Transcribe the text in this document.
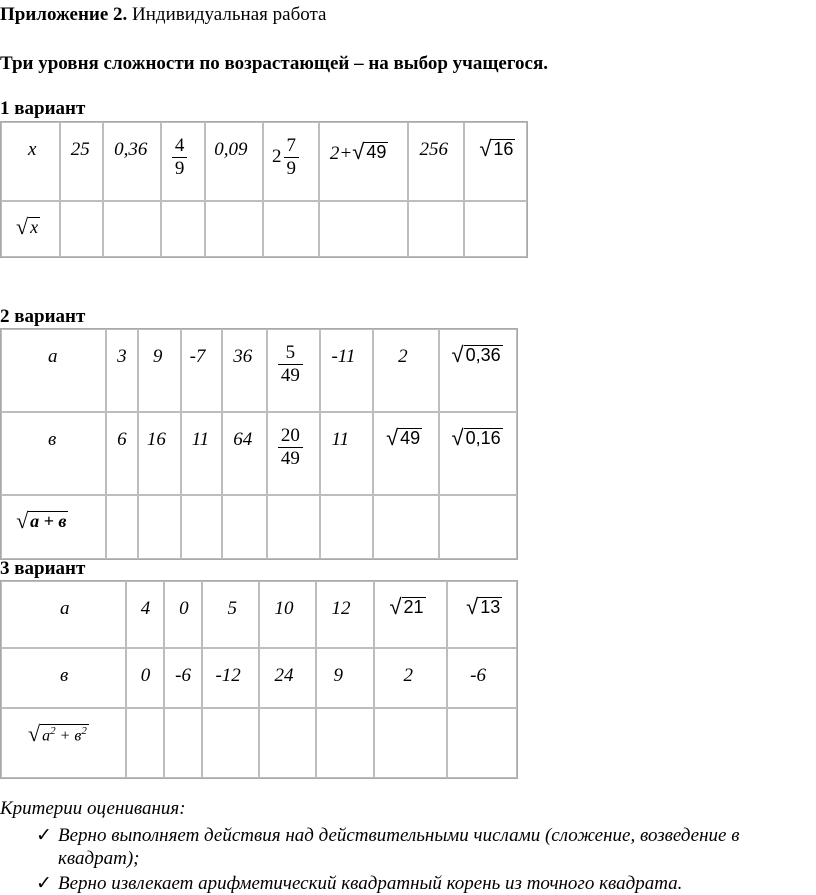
Приложение 2. Индивидуальная работа
Три уровня сложности по возрастающей – на выбор учащегося.
1 вариант
x	25	0,36	$\frac{4}{9}$	0,09	$2 \frac{7}{9}$	2+ √ 49	256	√ 16

√ x								

2 вариант
а	3	9	-7	36	$\frac{5}{49}$	-11	2	√ 0,36

в	6	16	11	64	$\frac{20}{49}$	11	√ 49	√ 0,16

√ а + в								

3 вариант
а	4	0	5	10	12	√ 21	√ 13

в	0	-6	-12	24	9	2	-6

√ $а^2 + в^2$

Критерии оценивания:
✓ Верно выполняет действия над действительными числами (сложение, возведение в
квадрат);
✓ Верно извлекает арифметический квадратный корень из точного квадрата.
